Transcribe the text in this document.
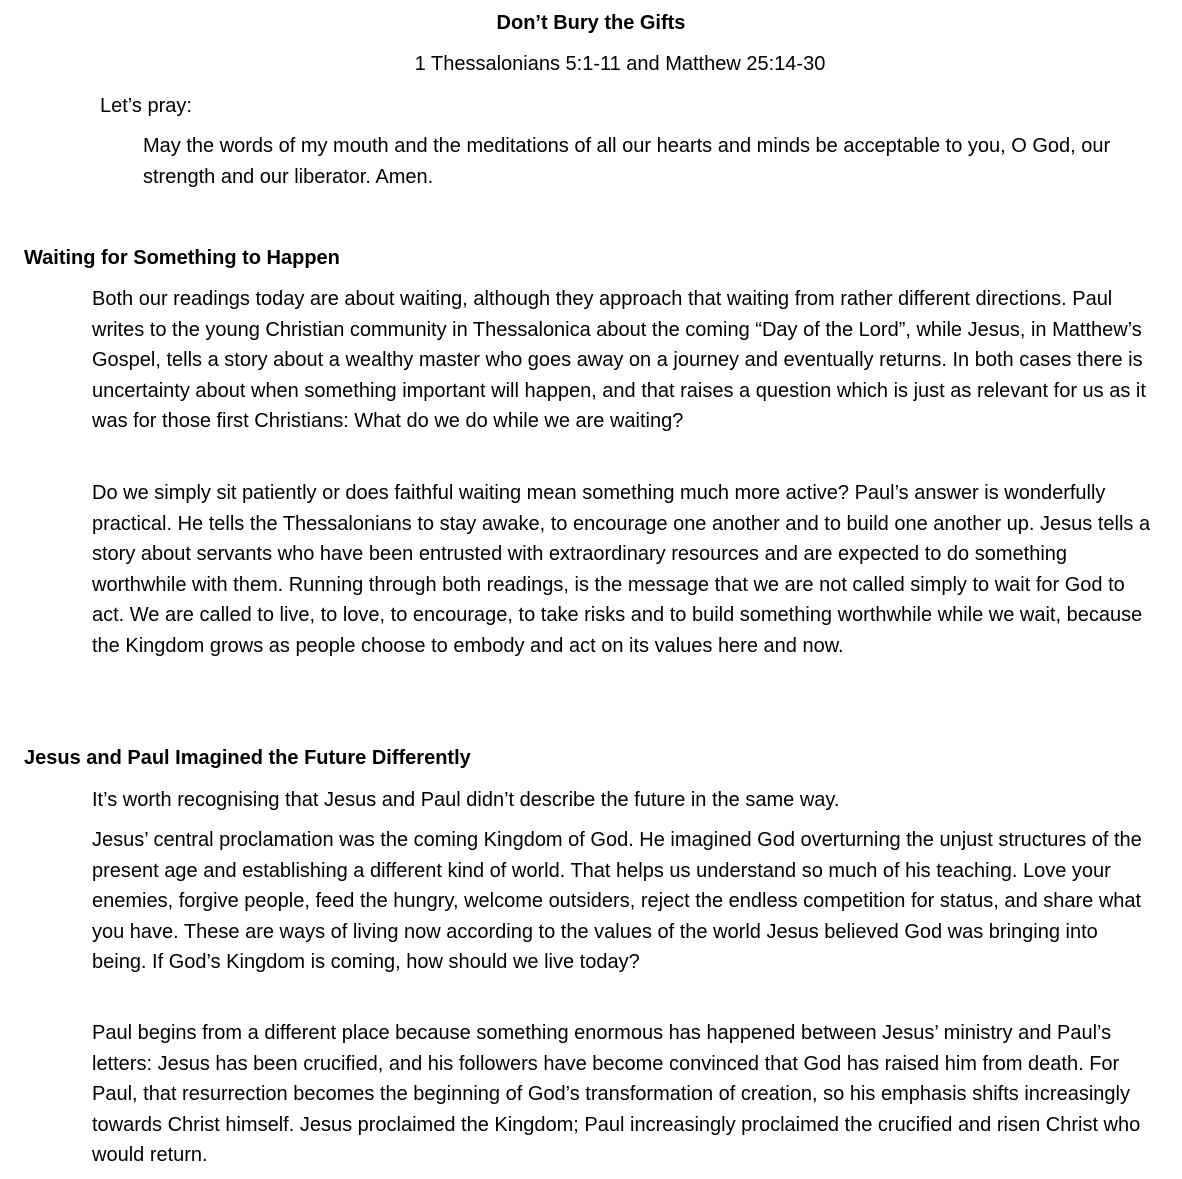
Don’t Bury the Gifts

1 Thessalonians 5:1-11 and Matthew 25:14-30

Let’s pray:

May the words of my mouth and the meditations of all our hearts and minds be acceptable to you, O God, our strength and our liberator. Amen.

Waiting for Something to Happen

Both our readings today are about waiting, although they approach that waiting from rather different directions. Paul writes to the young Christian community in Thessalonica about the coming “Day of the Lord”, while Jesus, in Matthew’s Gospel, tells a story about a wealthy master who goes away on a journey and eventually returns. In both cases there is uncertainty about when something important will happen, and that raises a question which is just as relevant for us as it was for those first Christians: What do we do while we are waiting?

Do we simply sit patiently or does faithful waiting mean something much more active? Paul’s answer is wonderfully practical. He tells the Thessalonians to stay awake, to encourage one another and to build one another up. Jesus tells a story about servants who have been entrusted with extraordinary resources and are expected to do something worthwhile with them. Running through both readings, is the message that we are not called simply to wait for God to act. We are called to live, to love, to encourage, to take risks and to build something worthwhile while we wait, because the Kingdom grows as people choose to embody and act on its values here and now.

Jesus and Paul Imagined the Future Differently

It’s worth recognising that Jesus and Paul didn’t describe the future in the same way.

Jesus’ central proclamation was the coming Kingdom of God. He imagined God overturning the unjust structures of the present age and establishing a different kind of world. That helps us understand so much of his teaching. Love your enemies, forgive people, feed the hungry, welcome outsiders, reject the endless competition for status, and share what you have. These are ways of living now according to the values of the world Jesus believed God was bringing into being. If God’s Kingdom is coming, how should we live today?

Paul begins from a different place because something enormous has happened between Jesus’ ministry and Paul’s letters: Jesus has been crucified, and his followers have become convinced that God has raised him from death. For Paul, that resurrection becomes the beginning of God’s transformation of creation, so his emphasis shifts increasingly towards Christ himself. Jesus proclaimed the Kingdom; Paul increasingly proclaimed the crucified and risen Christ who would return.
